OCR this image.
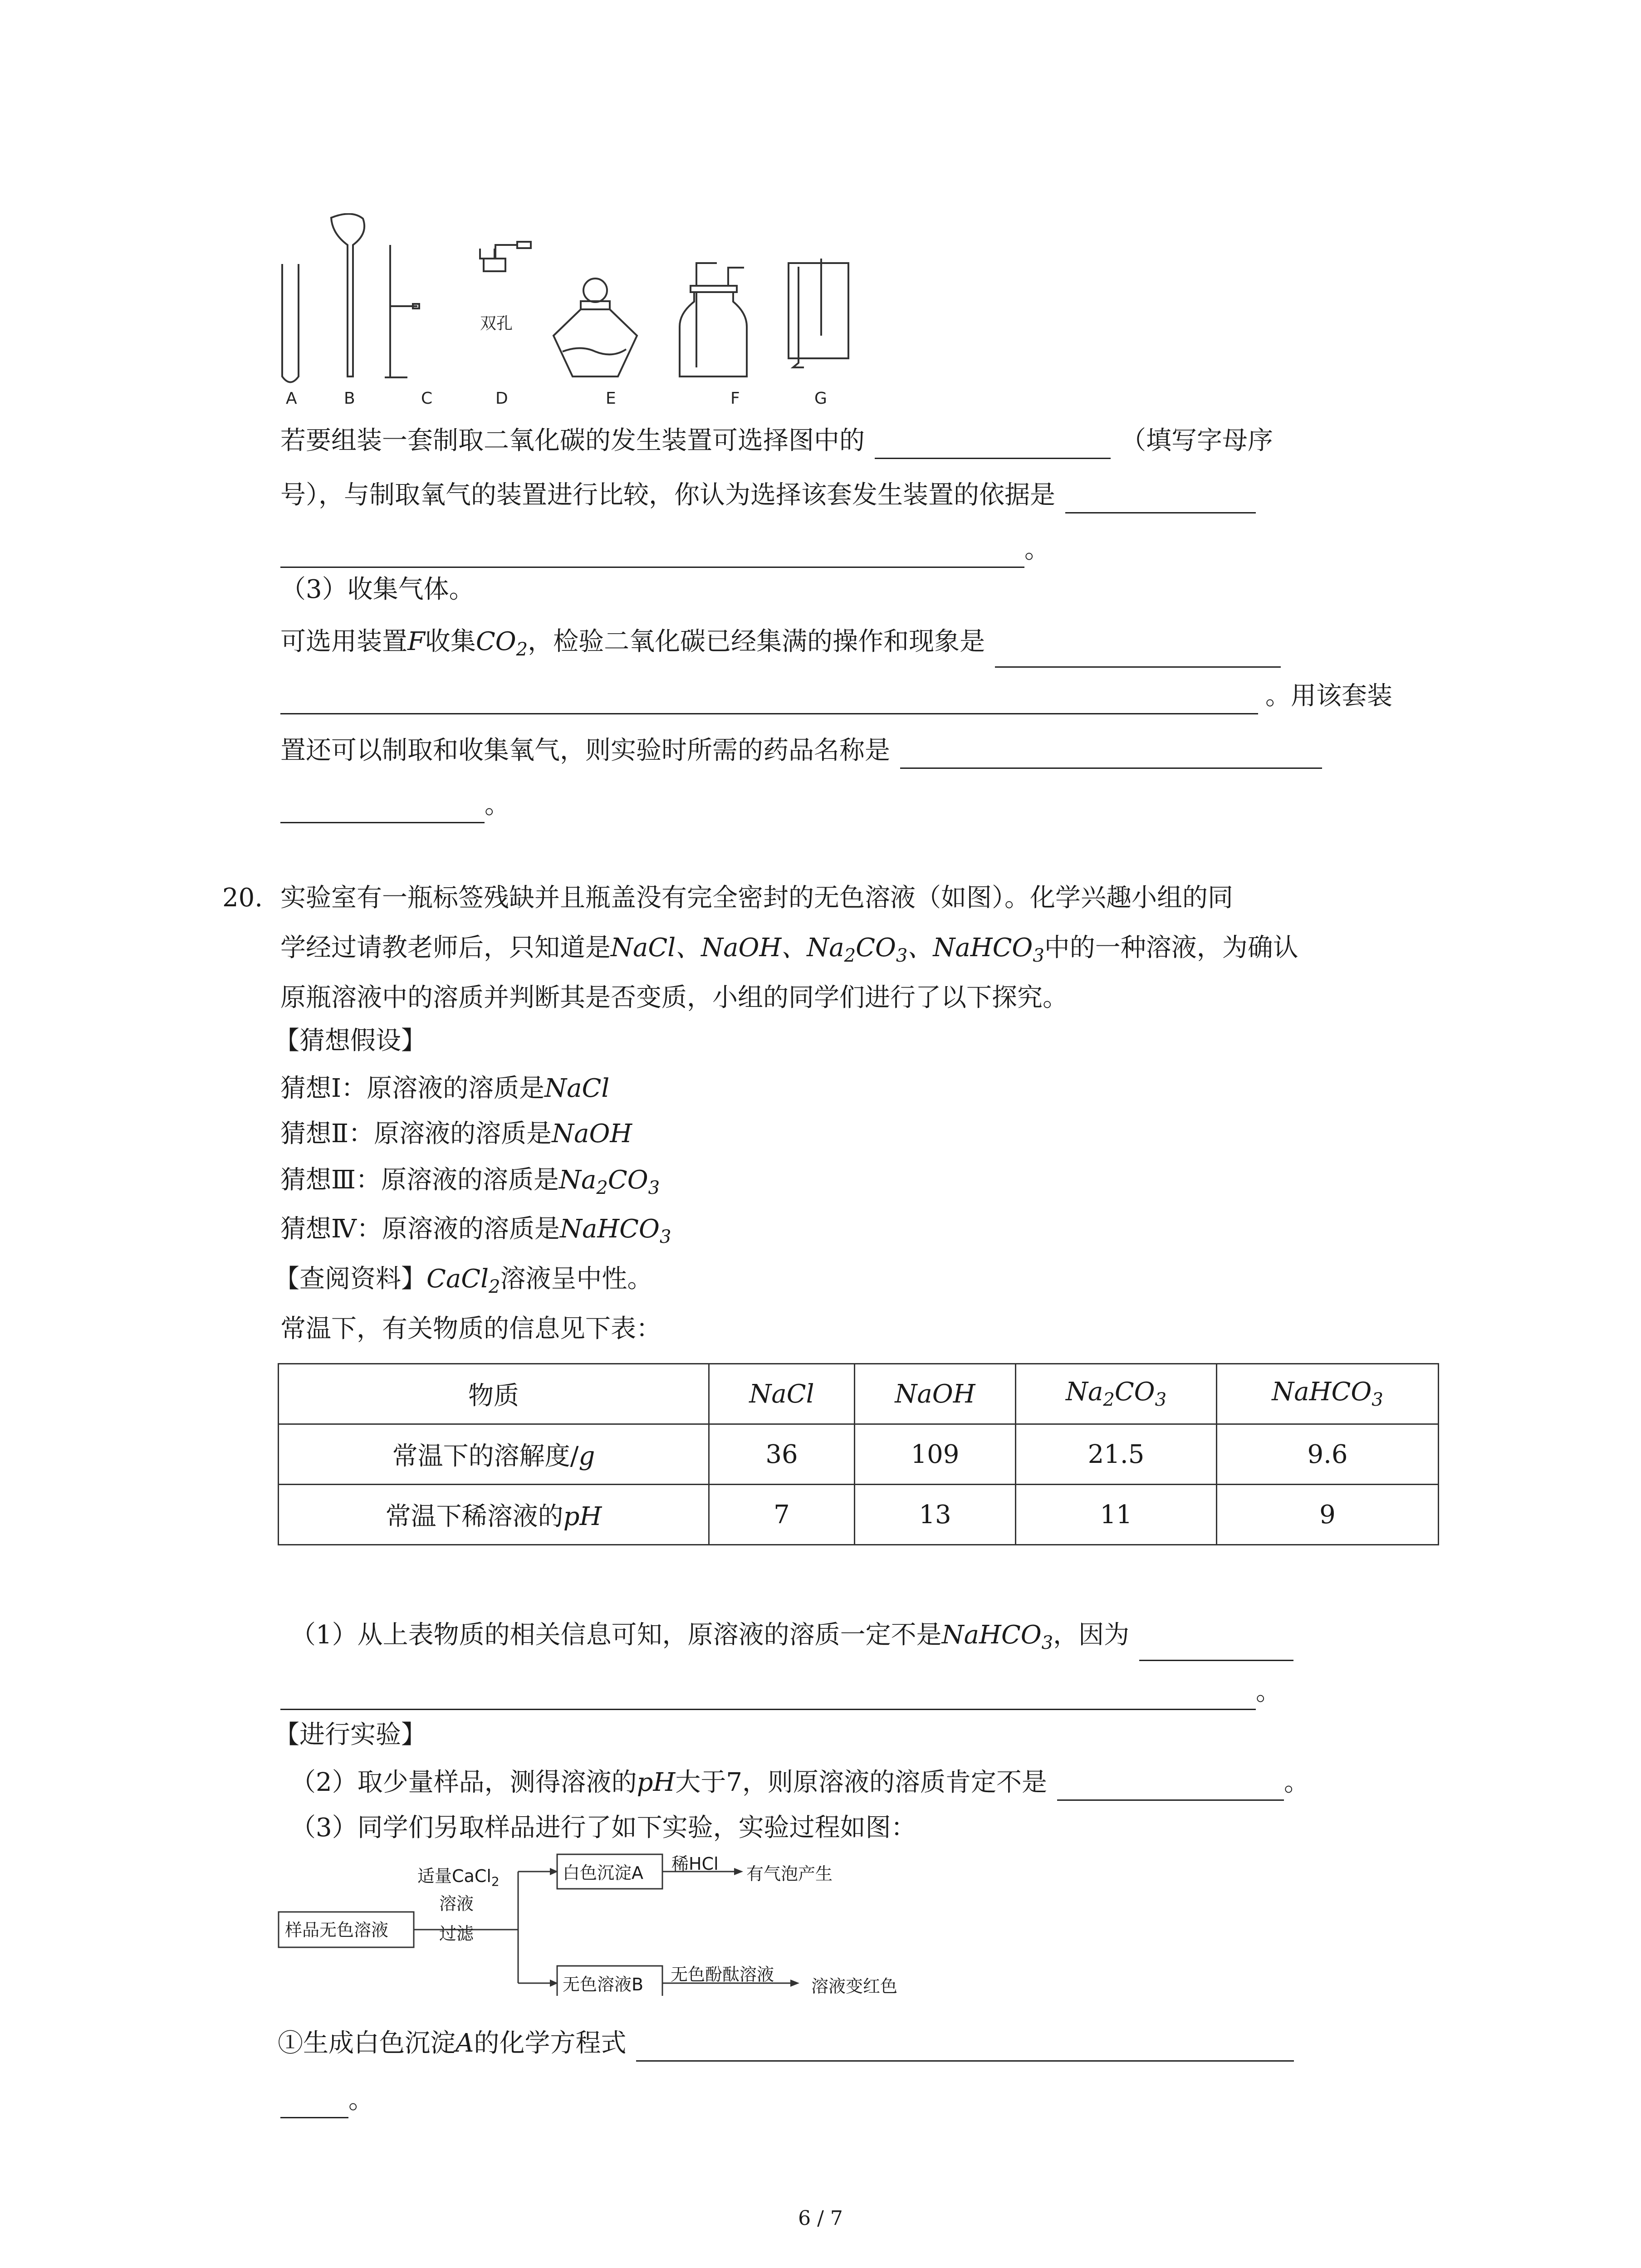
A	B	C	D
双孔
E	F	G
若要组装一套制取二氧化碳的发生装置可选择图中的	（填写字母序
号），与制取氧气的装置进行比较，你认为选择该套发生装置的依据是
。
（3）收集气体。
可选用装置F收集$CO_2$，检验二氧化碳已经集满的操作和现象是
。用该套装
置还可以制取和收集氧气，则实验时所需的药品名称是
。
20. 实验室有一瓶标签残缺并且瓶盖没有完全密封的无色溶液（如图）。化学兴趣小组的同
学经过请教老师后，只知道是NaCl、NaOH、$Na_2CO_3$、NaHCO$_3$中的一种溶液，为确认
原瓶溶液中的溶质并判断其是否变质，小组的同学们进行了以下探究。
【猜想假设】
猜想Ⅰ：原溶液的溶质是NaCl
猜想Ⅱ：原溶液的溶质是NaOH
猜想Ⅲ：原溶液的溶质是$Na_2CO_3$
猜想Ⅳ：原溶液的溶质是NaHCO$_3$
【查阅资料】CaCl$_2$溶液呈中性。
常温下，有关物质的信息见下表：
物质	NaCl	NaOH	$Na_2CO_3$	NaHCO$_3$
常温下的溶解度/g	36	109	21.5	9.6
常温下稀溶液的pH	7	13	11	9
（1）从上表物质的相关信息可知，原溶液的溶质一定不是NaHCO$_3$，因为
。
【进行实验】
（2）取少量样品，测得溶液的pH大于7，则原溶液的溶质肯定不是	。
（3）同学们另取样品进行了如下实验，实验过程如图：
样品无色溶液
适量CaCl$_2$
溶液
过滤
白色沉淀A 稀HCl 有气泡产生
无色溶液B 无色酚酞溶液
溶液变红色
①生成白色沉淀A的化学方程式
。
6 / 7
